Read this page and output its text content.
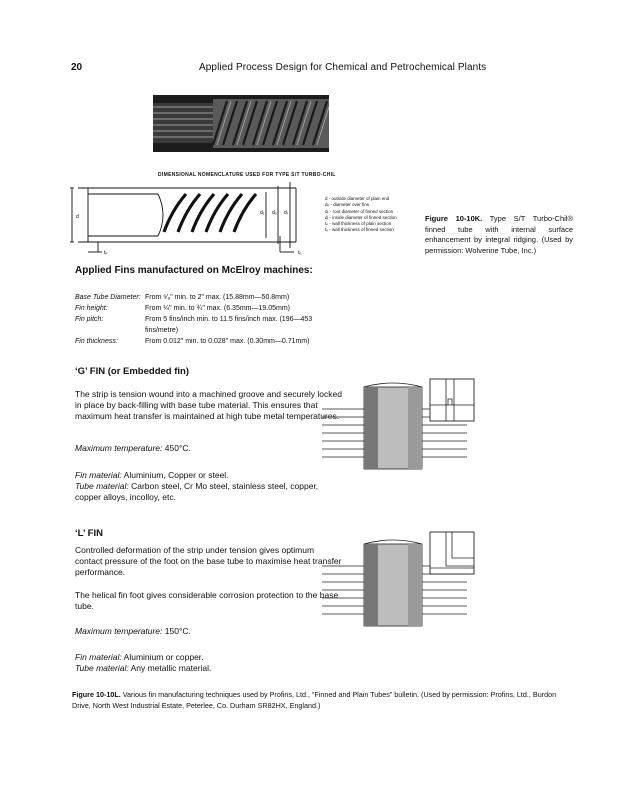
20	Applied Process Design for Chemical and Petrochemical Plants
DIMENSIONAL NOMENCLATURE USED FOR TYPE S/T TURBO-CHIL
d
d₁ dₒ dᵣ
tₚ	tₒ
d - outside diameter of plain end
dₒ - diameter over fins
dᵣ - root diameter of finned section
dᵢ - inside diameter of finned section
tₚ - wall thickness of plain section
tₒ - wall thickness of finned section
Figure 10-10K. Type S/T Turbo-Chil® finned tube with internal surface enhancement by integral ridging. (Used by permission: Wolverine Tube, Inc.)
Applied Fins manufactured on McElroy machines:
Base Tube Diameter: From ⁶⁄₈" min. to 2" max. (15.88mm—50.8mm)
Fin height:	From ¼" min. to ¾" max. (6.35mm—19.05mm)
Fin pitch:	From 5 fins/inch min. to 11.5 fins/inch max. (196—453 fins/metre)
Fin thickness:	From 0.012" min. to 0.028" max. (0.30mm—0.71mm)
‘G’ FIN (or Embedded fin)
The strip is tension wound into a machined groove and securely locked in place by back-filling with base tube material. This ensures that maximum heat transfer is maintained at high tube metal temperatures.
Maximum temperature: 450°C.
Fin material: Aluminium, Copper or steel.
Tube material: Carbon steel, Cr Mo steel, stainless steel, copper, copper alloys, incolloy, etc.
‘L’ FIN
Controlled deformation of the strip under tension gives optimum contact pressure of the foot on the base tube to maximise heat transfer performance.
The helical fin foot gives considerable corrosion protection to the base tube.
Maximum temperature: 150°C.
Fin material: Aluminium or copper.
Tube material: Any metallic material.
Figure 10-10L. Various fin manufacturing techniques used by Profins, Ltd., “Finned and Plain Tubes” bulletin. (Used by permission: Profins, Ltd., Burdon Drive, North West Industrial Estate, Peterlee, Co. Durham SR82HX, England.)
